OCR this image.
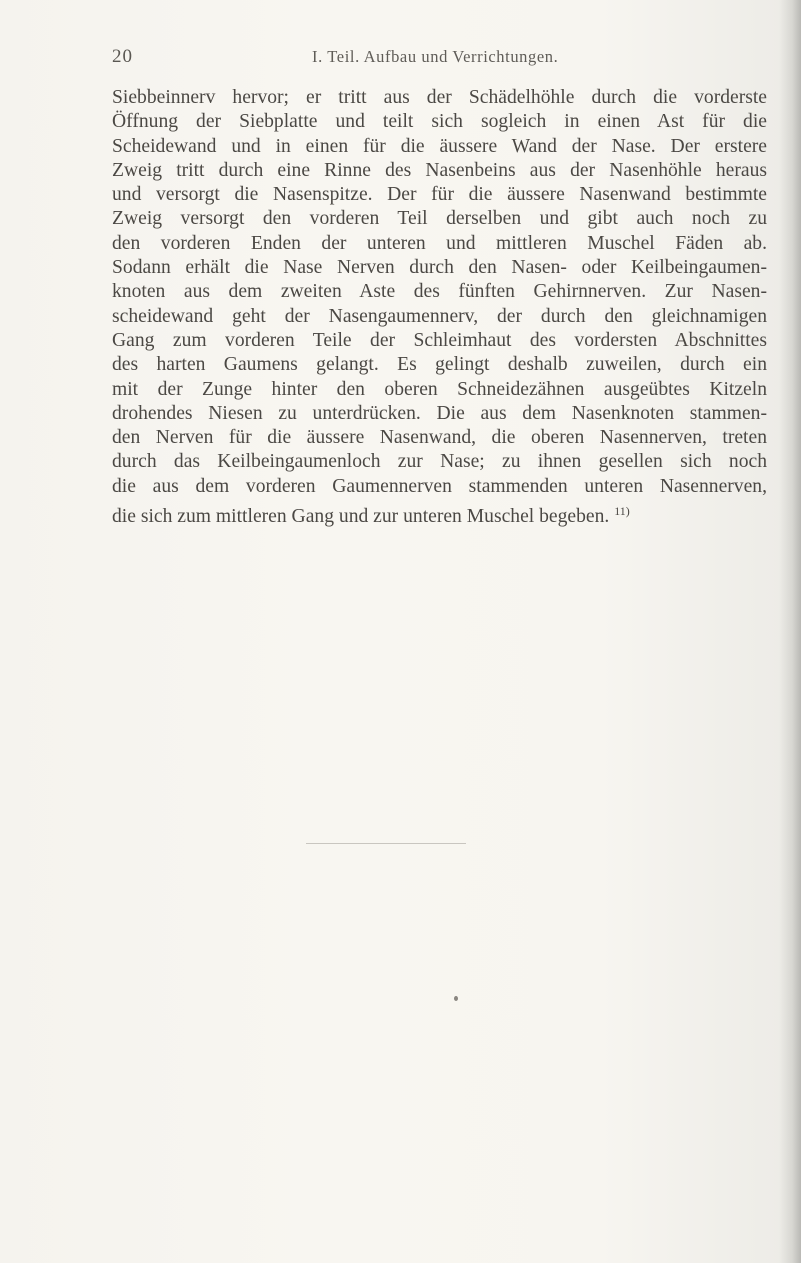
20	I. Teil. Aufbau und Verrichtungen.
Siebbeinnerv hervor; er tritt aus der Schädelhöhle durch die vorderste
Öffnung der Siebplatte und teilt sich sogleich in einen Ast für die
Scheidewand und in einen für die äussere Wand der Nase. Der erstere
Zweig tritt durch eine Rinne des Nasenbeins aus der Nasenhöhle heraus
und versorgt die Nasenspitze. Der für die äussere Nasenwand bestimmte
Zweig versorgt den vorderen Teil derselben und gibt auch noch zu
den vorderen Enden der unteren und mittleren Muschel Fäden ab.
Sodann erhält die Nase Nerven durch den Nasen- oder Keilbeingaumen-
knoten aus dem zweiten Aste des fünften Gehirnnerven. Zur Nasen-
scheidewand geht der Nasengaumennerv, der durch den gleichnamigen
Gang zum vorderen Teile der Schleimhaut des vordersten Abschnittes
des harten Gaumens gelangt. Es gelingt deshalb zuweilen, durch ein
mit der Zunge hinter den oberen Schneidezähnen ausgeübtes Kitzeln
drohendes Niesen zu unterdrücken. Die aus dem Nasenknoten stammen-
den Nerven für die äussere Nasenwand, die oberen Nasennerven, treten
durch das Keilbeingaumenloch zur Nase; zu ihnen gesellen sich noch
die aus dem vorderen Gaumennerven stammenden unteren Nasennerven,
die sich zum mittleren Gang und zur unteren Muschel begeben. $^{11)}$
